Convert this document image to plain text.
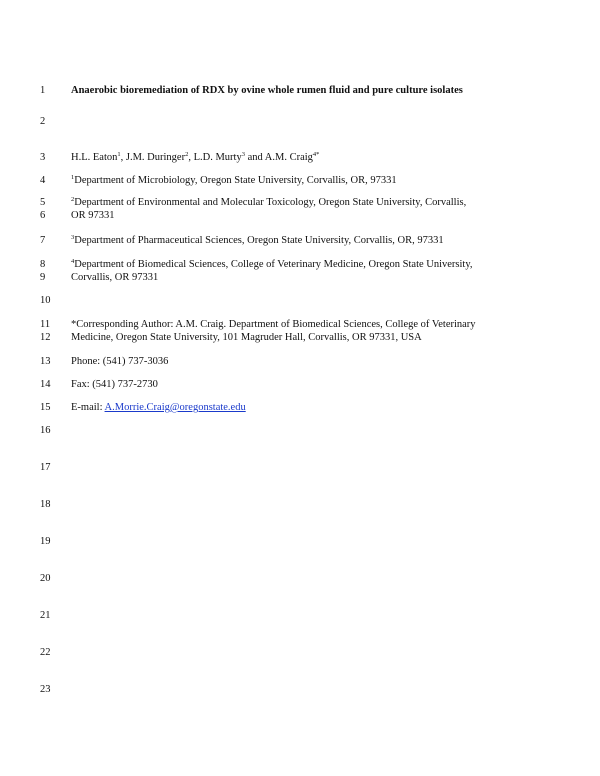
1
2
3
4
5
6
7
8
9
10
11
12
13
14
15
16
17
18
19
20
21
22
23
Anaerobic bioremediation of RDX by ovine whole rumen fluid and pure culture isolates
H.L. Eaton$^1$, J.M. Duringer$^2$, L.D. Murty$^3$ and A.M. Craig$^{4*}$
$^1$Department of Microbiology, Oregon State University, Corvallis, OR, 97331
$^2$Department of Environmental and Molecular Toxicology, Oregon State University, Corvallis,
OR 97331
$^3$Department of Pharmaceutical Sciences, Oregon State University, Corvallis, OR, 97331
$^4$Department of Biomedical Sciences, College of Veterinary Medicine, Oregon State University,
Corvallis, OR 97331
*Corresponding Author: A.M. Craig. Department of Biomedical Sciences, College of Veterinary
Medicine, Oregon State University, 101 Magruder Hall, Corvallis, OR 97331, USA
Phone: (541) 737-3036
Fax: (541) 737-2730
E-mail: A.Morrie.Craig@oregonstate.edu
